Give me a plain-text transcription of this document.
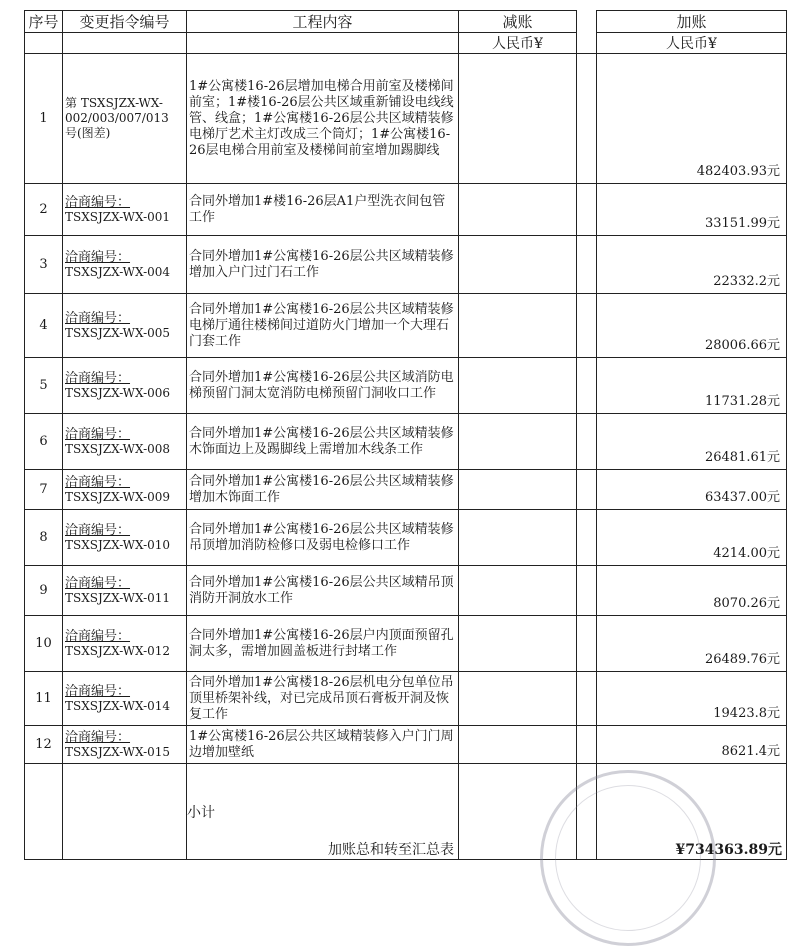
序号	变更指令编号	工程内容	减账		加账
			人民币¥		人民币¥
1	第 TSXSJZX-WX-
002/003/007/013
号(图差)	1#公寓楼16-26层增加电梯合用前室及楼梯间前室；1#楼16-26层公共区域重新铺设电线线管、线盒；1#公寓楼16-26层公共区域精装修电梯厅艺术主灯改成三个筒灯；1#公寓楼16-26层电梯合用前室及楼梯间前室增加踢脚线			482403.93元
2	洽商编号：
TSXSJZX-WX-001	合同外增加1#楼16-26层A1户型洗衣间包管工作			33151.99元
3	洽商编号：
TSXSJZX-WX-004	合同外增加1#公寓楼16-26层公共区域精装修增加入户门过门石工作			22332.2元
4	洽商编号：
TSXSJZX-WX-005	合同外增加1#公寓楼16-26层公共区域精装修电梯厅通往楼梯间过道防火门增加一个大理石门套工作			28006.66元
5	洽商编号：
TSXSJZX-WX-006	合同外增加1#公寓楼16-26层公共区域消防电梯预留门洞太宽消防电梯预留门洞收口工作			11731.28元
6	洽商编号：
TSXSJZX-WX-008	合同外增加1#公寓楼16-26层公共区域精装修木饰面边上及踢脚线上需增加木线条工作			26481.61元
7	洽商编号：
TSXSJZX-WX-009	合同外增加1#公寓楼16-26层公共区域精装修增加木饰面工作			63437.00元
8	洽商编号：
TSXSJZX-WX-010	合同外增加1#公寓楼16-26层公共区域精装修吊顶增加消防检修口及弱电检修口工作			4214.00元
9	洽商编号：
TSXSJZX-WX-011	合同外增加1#公寓楼16-26层公共区域精吊顶消防开洞放水工作			8070.26元
10	洽商编号：
TSXSJZX-WX-012	合同外增加1#公寓楼16-26层户内顶面预留孔洞太多，需增加圆盖板进行封堵工作			26489.76元
11	洽商编号：
TSXSJZX-WX-014	合同外增加1#公寓楼18-26层机电分包单位吊顶里桥架补线，对已完成吊顶石膏板开洞及恢复工作			19423.8元
12	洽商编号：
TSXSJZX-WX-015	1#公寓楼16-26层公共区域精装修入户门门周边增加壁纸			8621.4元

		小计
加账总和转至汇总表			¥734363.89元
